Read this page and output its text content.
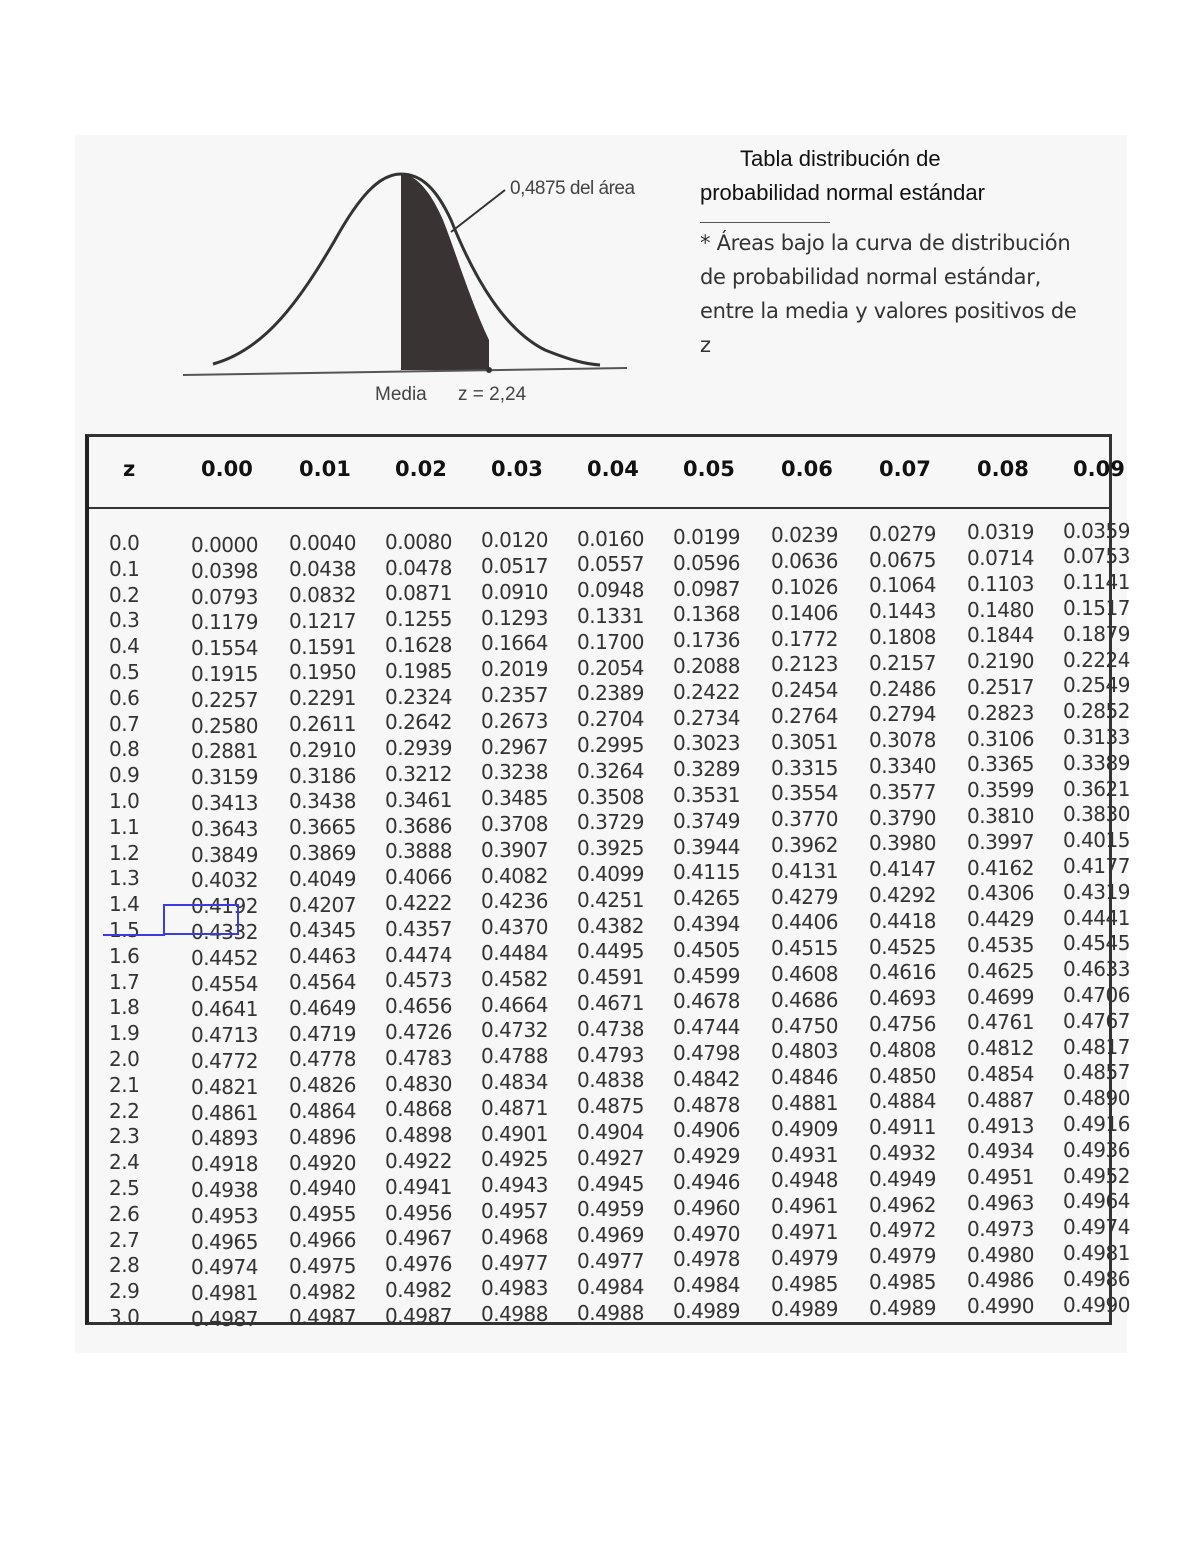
0,4875 del área
Media z = 2,24
Tabla distribución de
probabilidad normal estándar
* Áreas bajo la curva de distribución de probabilidad normal estándar, entre la media y valores positivos de z
z	0.00 0.01 0.02 0.03 0.04 0.05 0.06 0.07 0.08 0.09
0.0	0.0000 0.0040 0.0080 0.0120 0.0160 0.0199 0.0239 0.0279 0.0319 0.0359
0.1	0.0398 0.0438 0.0478 0.0517 0.0557 0.0596 0.0636 0.0675 0.0714 0.0753
0.2	0.0793 0.0832 0.0871 0.0910 0.0948 0.0987 0.1026 0.1064 0.1103 0.1141
0.3	0.1179 0.1217 0.1255 0.1293 0.1331 0.1368 0.1406 0.1443 0.1480 0.1517
0.4	0.1554 0.1591 0.1628 0.1664 0.1700 0.1736 0.1772 0.1808 0.1844 0.1879
0.5	0.1915 0.1950 0.1985 0.2019 0.2054 0.2088 0.2123 0.2157 0.2190 0.2224
0.6	0.2257 0.2291 0.2324 0.2357 0.2389 0.2422 0.2454 0.2486 0.2517 0.2549
0.7	0.2580 0.2611 0.2642 0.2673 0.2704 0.2734 0.2764 0.2794 0.2823 0.2852
0.8	0.2881 0.2910 0.2939 0.2967 0.2995 0.3023 0.3051 0.3078 0.3106 0.3133
0.9	0.3159 0.3186 0.3212 0.3238 0.3264 0.3289 0.3315 0.3340 0.3365 0.3389
1.0	0.3413 0.3438 0.3461 0.3485 0.3508 0.3531 0.3554 0.3577 0.3599 0.3621
1.1	0.3643 0.3665 0.3686 0.3708 0.3729 0.3749 0.3770 0.3790 0.3810 0.3830
1.2	0.3849 0.3869 0.3888 0.3907 0.3925 0.3944 0.3962 0.3980 0.3997 0.4015
1.3	0.4032 0.4049 0.4066 0.4082 0.4099 0.4115 0.4131 0.4147 0.4162 0.4177
1.4	0.4192 0.4207 0.4222 0.4236 0.4251 0.4265 0.4279 0.4292 0.4306 0.4319
1.5	0.4332 0.4345 0.4357 0.4370 0.4382 0.4394 0.4406 0.4418 0.4429 0.4441
1.6	0.4452 0.4463 0.4474 0.4484 0.4495 0.4505 0.4515 0.4525 0.4535 0.4545
1.7	0.4554 0.4564 0.4573 0.4582 0.4591 0.4599 0.4608 0.4616 0.4625 0.4633
1.8	0.4641 0.4649 0.4656 0.4664 0.4671 0.4678 0.4686 0.4693 0.4699 0.4706
1.9	0.4713 0.4719 0.4726 0.4732 0.4738 0.4744 0.4750 0.4756 0.4761 0.4767
2.0	0.4772 0.4778 0.4783 0.4788 0.4793 0.4798 0.4803 0.4808 0.4812 0.4817
2.1	0.4821 0.4826 0.4830 0.4834 0.4838 0.4842 0.4846 0.4850 0.4854 0.4857
2.2	0.4861 0.4864 0.4868 0.4871 0.4875 0.4878 0.4881 0.4884 0.4887 0.4890
2.3	0.4893 0.4896 0.4898 0.4901 0.4904 0.4906 0.4909 0.4911 0.4913 0.4916
2.4	0.4918 0.4920 0.4922 0.4925 0.4927 0.4929 0.4931 0.4932 0.4934 0.4936
2.5	0.4938 0.4940 0.4941 0.4943 0.4945 0.4946 0.4948 0.4949 0.4951 0.4952
2.6	0.4953 0.4955 0.4956 0.4957 0.4959 0.4960 0.4961 0.4962 0.4963 0.4964
2.7	0.4965 0.4966 0.4967 0.4968 0.4969 0.4970 0.4971 0.4972 0.4973 0.4974
2.8	0.4974 0.4975 0.4976 0.4977 0.4977 0.4978 0.4979 0.4979 0.4980 0.4981
2.9	0.4981 0.4982 0.4982 0.4983 0.4984 0.4984 0.4985 0.4985 0.4986 0.4986
3.0	0.4987 0.4987 0.4987 0.4988 0.4988 0.4989 0.4989 0.4989 0.4990 0.4990
